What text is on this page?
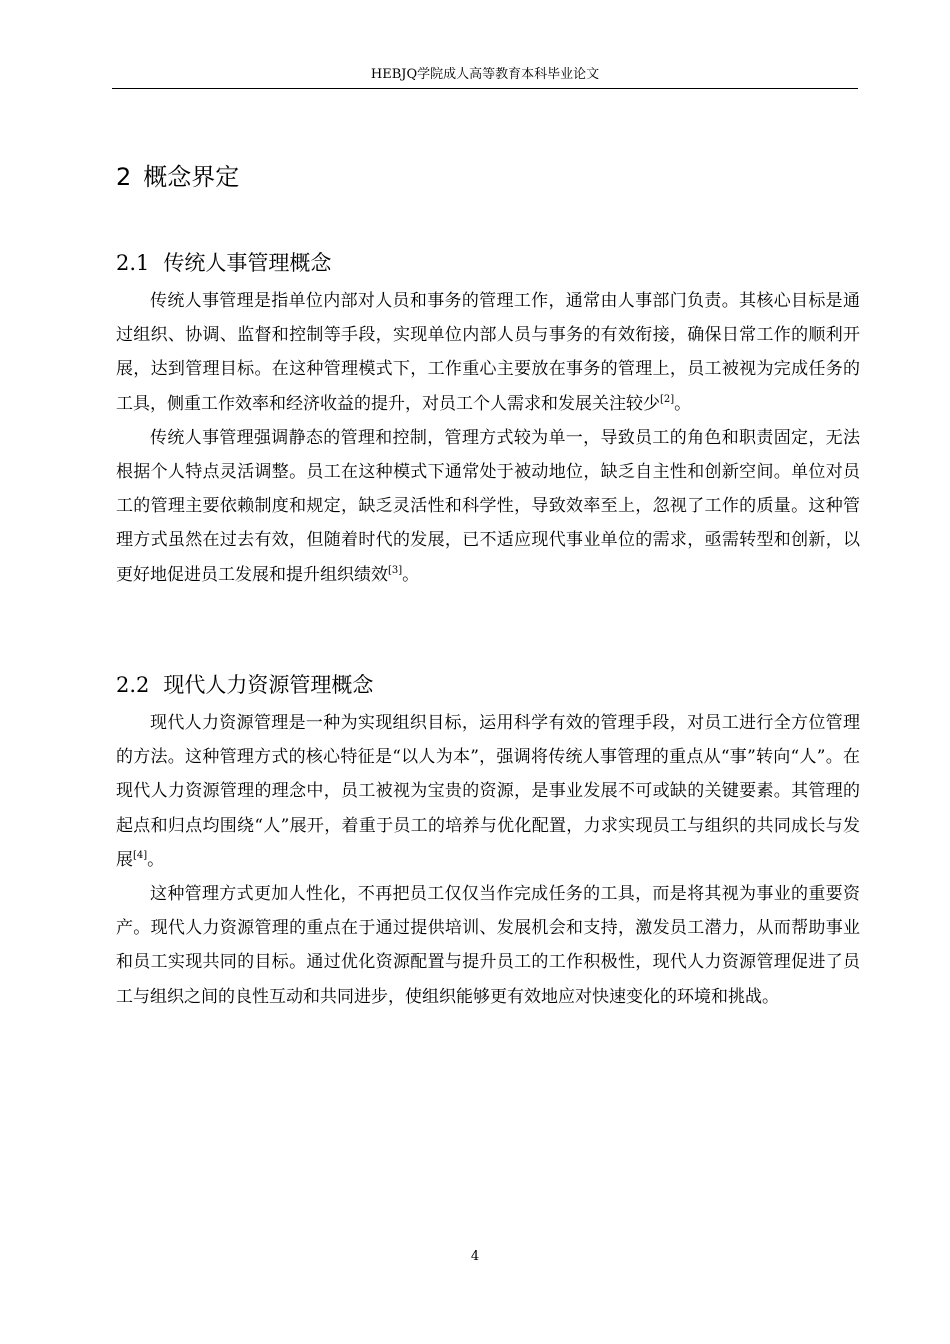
HEBJQ学院成人高等教育本科毕业论文
2 概念界定
2.1 传统人事管理概念

传统人事管理是指单位内部对人员和事务的管理工作，通常由人事部门负责。其核心目标是通过组织、协调、监督和控制等手段，实现单位内部人员与事务的有效衔接，确保日常工作的顺利开展，达到管理目标。在这种管理模式下，工作重心主要放在事务的管理上，员工被视为完成任务的工具，侧重工作效率和经济收益的提升，对员工个人需求和发展关注较少[2]。

传统人事管理强调静态的管理和控制，管理方式较为单一，导致员工的角色和职责固定，无法根据个人特点灵活调整。员工在这种模式下通常处于被动地位，缺乏自主性和创新空间。单位对员工的管理主要依赖制度和规定，缺乏灵活性和科学性，导致效率至上，忽视了工作的质量。这种管理方式虽然在过去有效，但随着时代的发展，已不适应现代事业单位的需求，亟需转型和创新，以更好地促进员工发展和提升组织绩效[3]。

2.2 现代人力资源管理概念

现代人力资源管理是一种为实现组织目标，运用科学有效的管理手段，对员工进行全方位管理的方法。这种管理方式的核心特征是“以人为本”，强调将传统人事管理的重点从“事”转向“人”。在现代人力资源管理的理念中，员工被视为宝贵的资源，是事业发展不可或缺的关键要素。其管理的起点和归点均围绕“人”展开，着重于员工的培养与优化配置，力求实现员工与组织的共同成长与发展[4]。

这种管理方式更加人性化，不再把员工仅仅当作完成任务的工具，而是将其视为事业的重要资产。现代人力资源管理的重点在于通过提供培训、发展机会和支持，激发员工潜力，从而帮助事业和员工实现共同的目标。通过优化资源配置与提升员工的工作积极性，现代人力资源管理促进了员工与组织之间的良性互动和共同进步，使组织能够更有效地应对快速变化的环境和挑战。

4
